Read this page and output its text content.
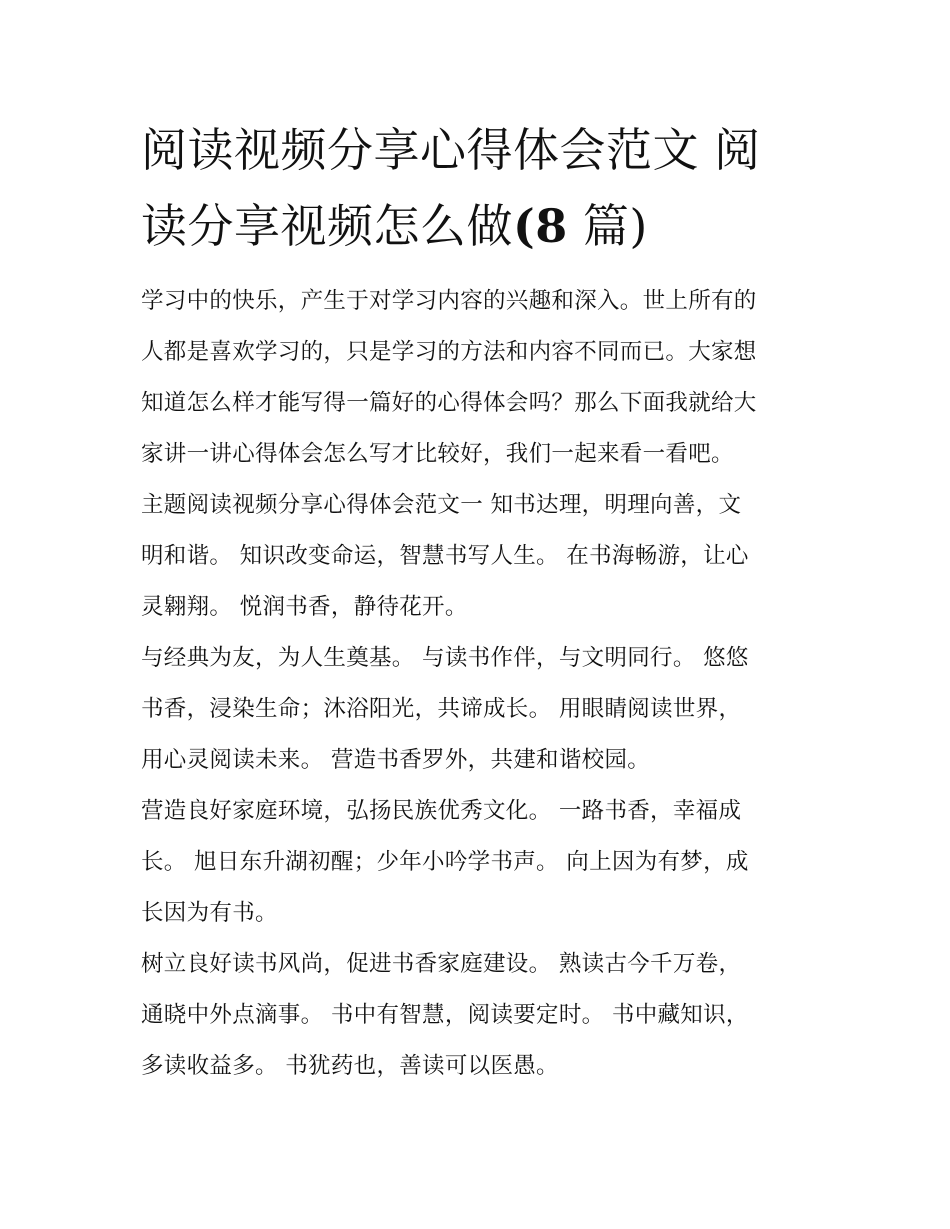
阅读视频分享心得体会范文 阅
读分享视频怎么做(8 篇)
学习中的快乐，产生于对学习内容的兴趣和深入。世上所有的
人都是喜欢学习的，只是学习的方法和内容不同而已。大家想
知道怎么样才能写得一篇好的心得体会吗？那么下面我就给大
家讲一讲心得体会怎么写才比较好，我们一起来看一看吧。
主题阅读视频分享心得体会范文一 知书达理，明理向善，文
明和谐。 知识改变命运，智慧书写人生。 在书海畅游，让心
灵翱翔。 悦润书香，静待花开。
与经典为友，为人生奠基。 与读书作伴，与文明同行。 悠悠
书香，浸染生命；沐浴阳光，共谛成长。 用眼睛阅读世界，
用心灵阅读未来。 营造书香罗外，共建和谐校园。
营造良好家庭环境，弘扬民族优秀文化。 一路书香，幸福成
长。 旭日东升湖初醒；少年小吟学书声。 向上因为有梦，成
长因为有书。
树立良好读书风尚，促进书香家庭建设。 熟读古今千万卷，
通晓中外点滴事。 书中有智慧，阅读要定时。 书中藏知识，
多读收益多。 书犹药也，善读可以医愚。
